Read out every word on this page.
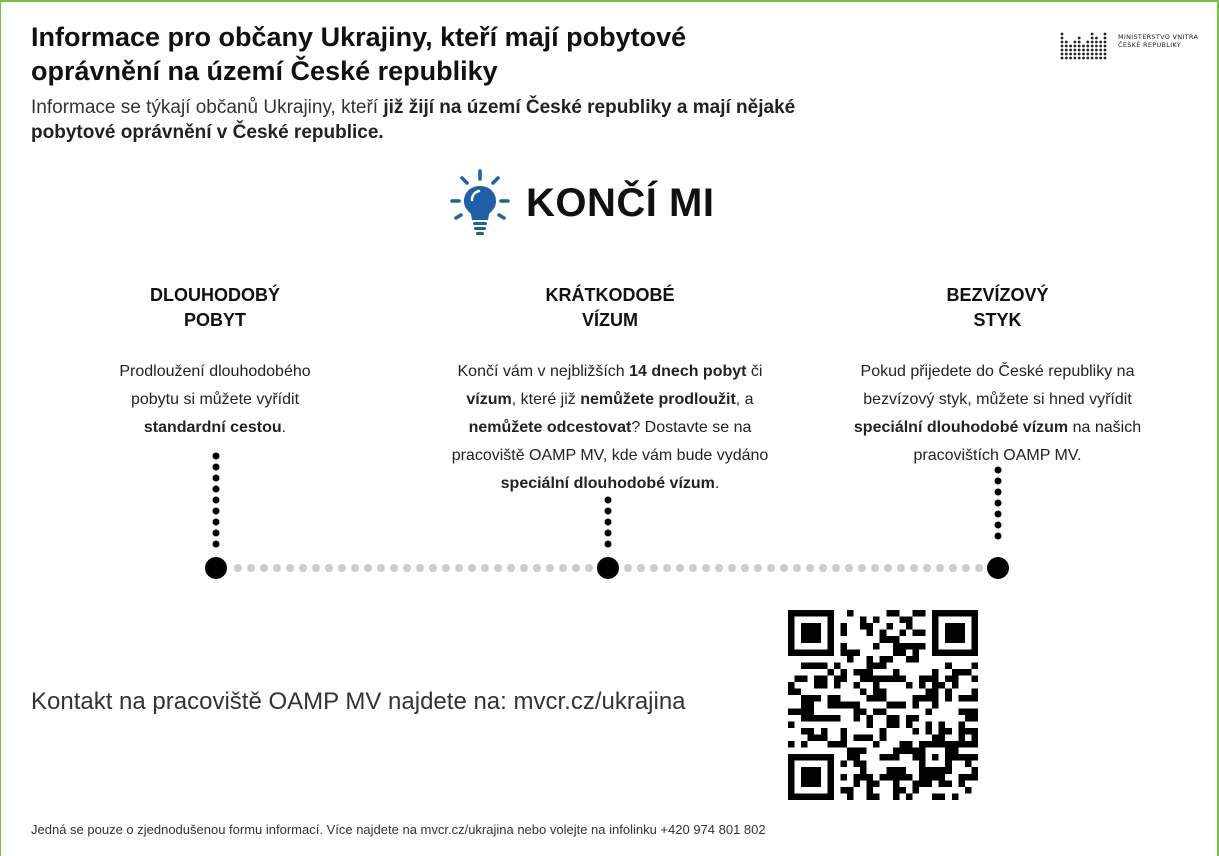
Informace pro občany Ukrajiny, kteří mají pobytové oprávnění na území České republiky
Informace se týkají občanů Ukrajiny, kteří již žijí na území České republiky a mají nějaké pobytové oprávnění v České republice.
MINISTERSTVO VNITRA
ČESKÉ REPUBLIKY
KONČÍ MI
DLOUHODOBÝ
POBYT

Prodloužení dlouhodobého pobytu si můžete vyřídit standardní cestou.

KRÁTKODOBÉ
VÍZUM

Končí vám v nejbližších 14 dnech pobyt či vízum, které již nemůžete prodloužit, a nemůžete odcestovat? Dostavte se na pracoviště OAMP MV, kde vám bude vydáno speciální dlouhodobé vízum.

BEZVÍZOVÝ
STYK

Pokud přijedete do České republiky na bezvízový styk, můžete si hned vyřídit speciální dlouhodobé vízum na našich pracovištích OAMP MV.

Kontakt na pracoviště OAMP MV najdete na: mvcr.cz/ukrajina
Jedná se pouze o zjednodušenou formu informací. Více najdete na mvcr.cz/ukrajina nebo volejte na infolinku +420 974 801 802
